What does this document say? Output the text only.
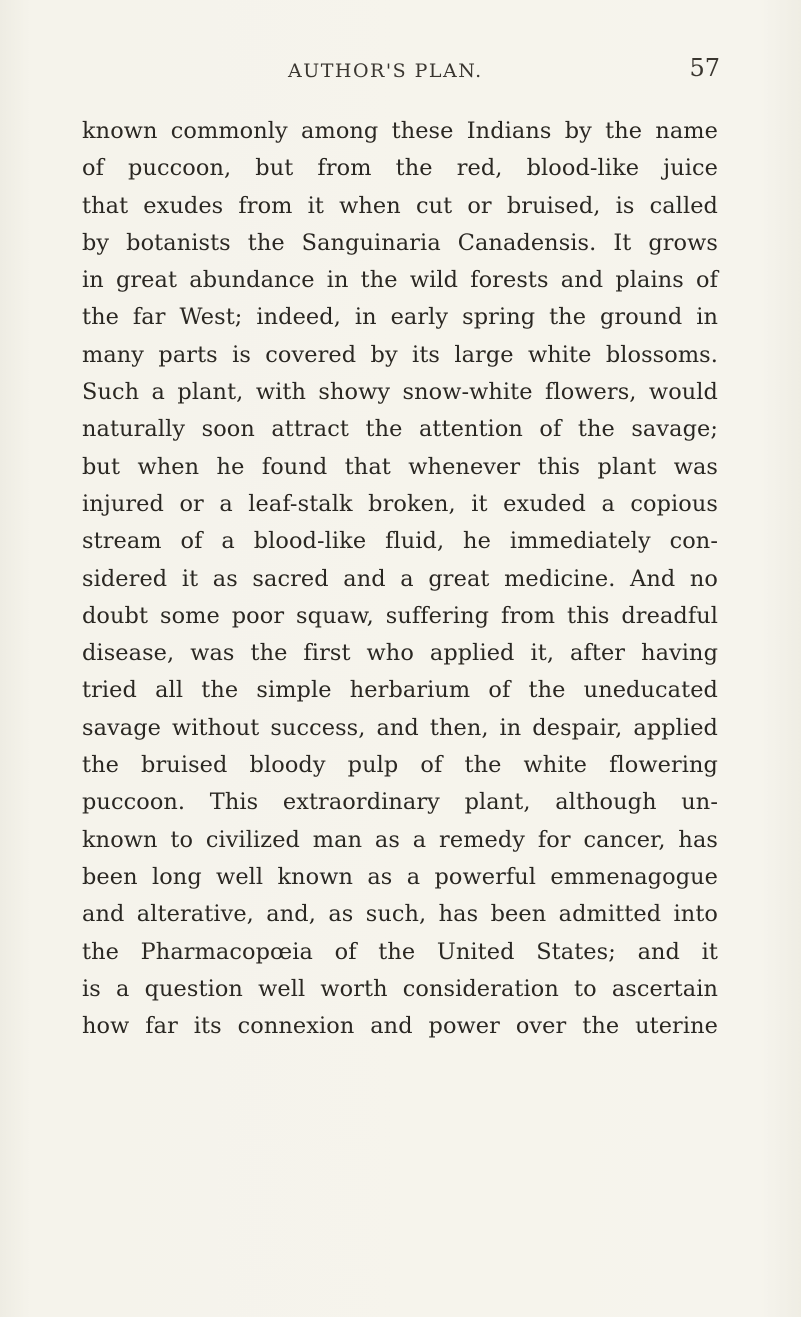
AUTHOR'S PLAN.	57
known commonly among these Indians by the name
of puccoon, but from the red, blood-like juice
that exudes from it when cut or bruised, is called
by botanists the Sanguinaria Canadensis. It grows
in great abundance in the wild forests and plains of
the far West; indeed, in early spring the ground in
many parts is covered by its large white blossoms.
Such a plant, with showy snow-white flowers, would
naturally soon attract the attention of the savage;
but when he found that whenever this plant was
injured or a leaf-stalk broken, it exuded a copious
stream of a blood-like fluid, he immediately con-
sidered it as sacred and a great medicine. And no
doubt some poor squaw, suffering from this dreadful
disease, was the first who applied it, after having
tried all the simple herbarium of the uneducated
savage without success, and then, in despair, applied
the bruised bloody pulp of the white flowering
puccoon. This extraordinary plant, although un-
known to civilized man as a remedy for cancer, has
been long well known as a powerful emmenagogue
and alterative, and, as such, has been admitted into
the Pharmacopœia of the United States; and it
is a question well worth consideration to ascertain
how far its connexion and power over the uterine
